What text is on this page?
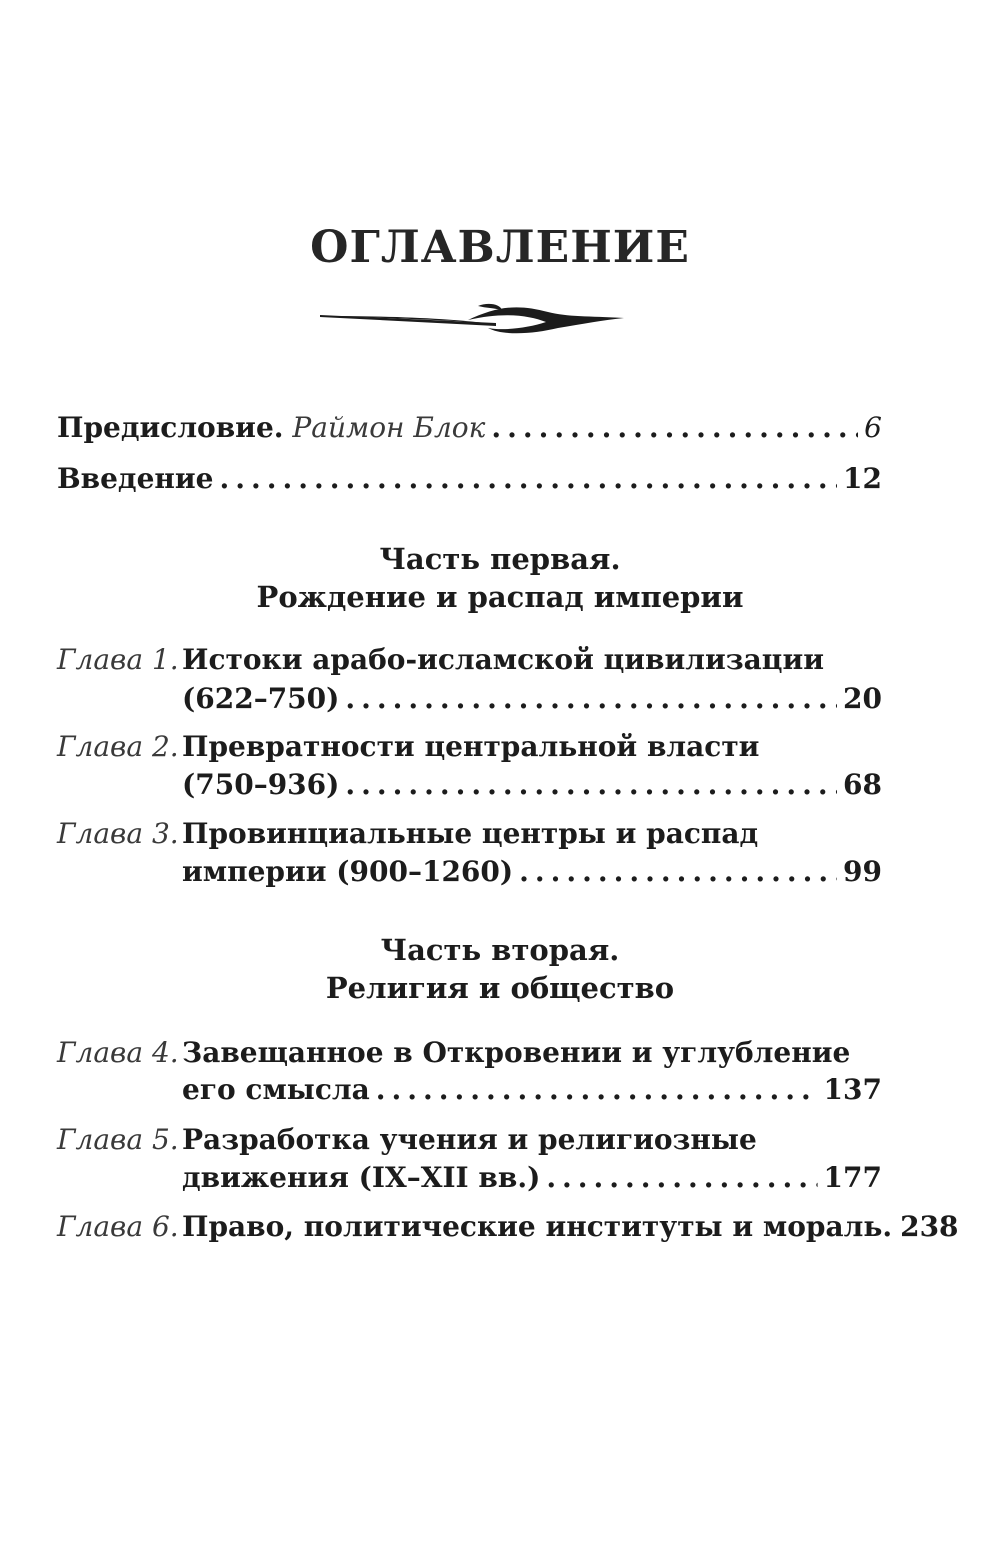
ОГЛАВЛЕНИЕ
Предисловие.
Раймон Блок .....	6
Введение .....	12
Часть первая.
Рождение и распад империи
Глава 1. Истоки арабо-исламской цивилизации
(622–750) .....	20
Глава 2. Превратности центральной власти
(750–936) .....	68
Глава 3. Провинциальные центры и распад
империи (900–1260) .....	99
Часть вторая.
Религия и общество
Глава 4. Завещанное в Откровении и углубление
его смысла .....	137
Глава 5. Разработка учения и религиозные
движения (IX–XII вв.) .....	177
Глава 6. Право, политические институты и мораль. 238
